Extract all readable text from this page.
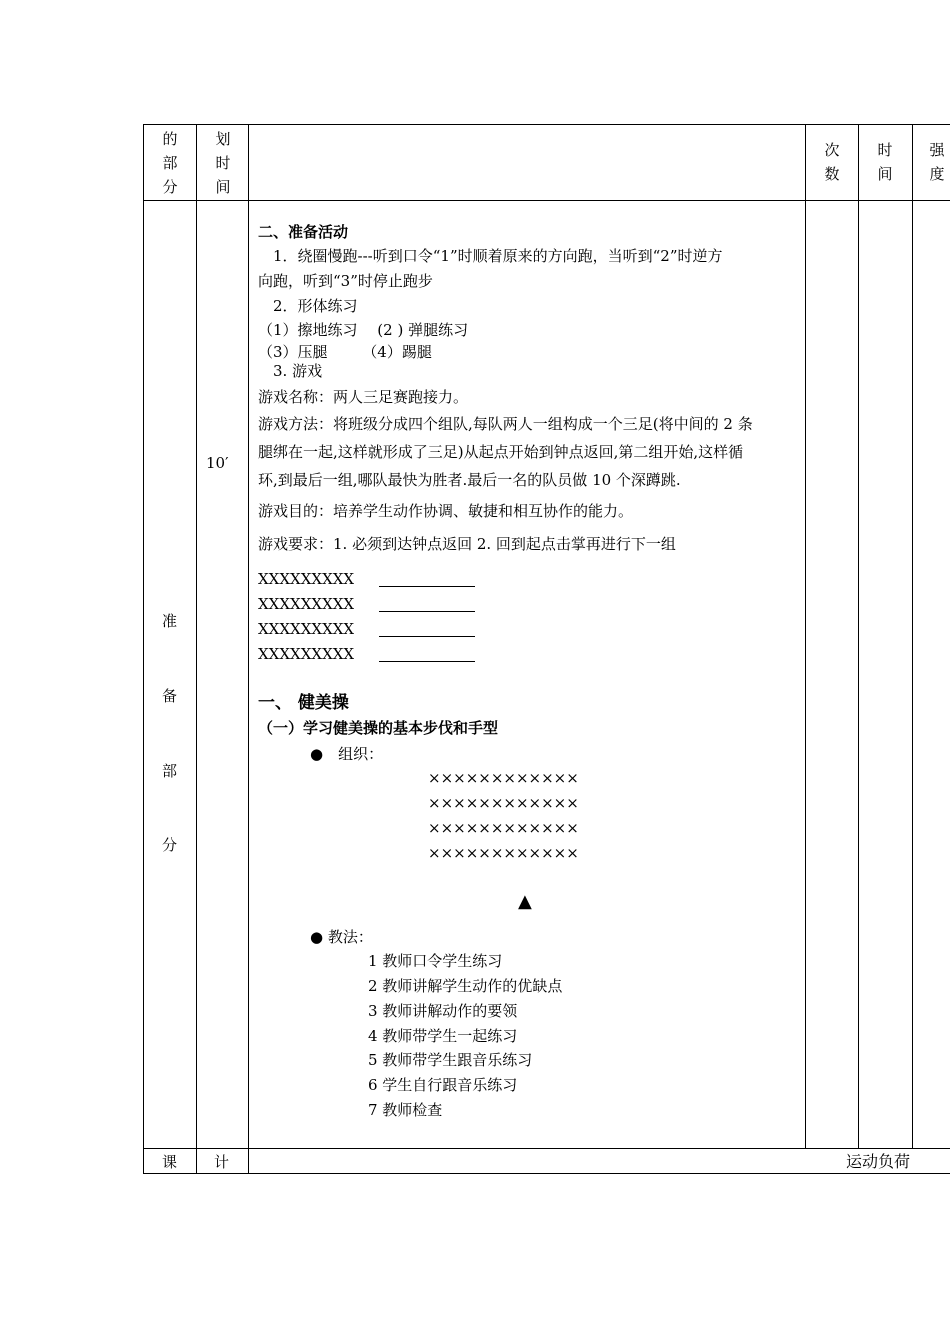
的
部
分
划
时
间
次
数
时
间
强
度
准
备
部
分
10′
二、准备活动
1．绕圈慢跑---听到口令“1”时顺着原来的方向跑，当听到“2”时逆方
向跑，听到“3”时停止跑步
2．形体练习
（1）擦地练习　 (2 ) 弹腿练习
（3）压腿　　 （4）踢腿
3. 游戏
游戏名称：两人三足赛跑接力。
游戏方法：将班级分成四个组队,每队两人一组构成一个三足(将中间的 2 条
腿绑在一起,这样就形成了三足)从起点开始到钟点返回,第二组开始,这样循
环,到最后一组,哪队最快为胜者.最后一名的队员做 10 个深蹲跳.
游戏目的：培养学生动作协调、敏捷和相互协作的能力。
游戏要求：1. 必须到达钟点返回 2. 回到起点击掌再进行下一组
XXXXXXXXX
XXXXXXXXX
XXXXXXXXX
XXXXXXXXX
一、 健美操
（一）学习健美操的基本步伐和手型
●　组织：
××××××××××××
××××××××××××
××××××××××××
××××××××××××
▲
● 教法：
1 教师口令学生练习
2 教师讲解学生动作的优缺点
3 教师讲解动作的要领
4 教师带学生一起练习
5 教师带学生跟音乐练习
6 学生自行跟音乐练习
7 教师检查
课 计	运动负荷
